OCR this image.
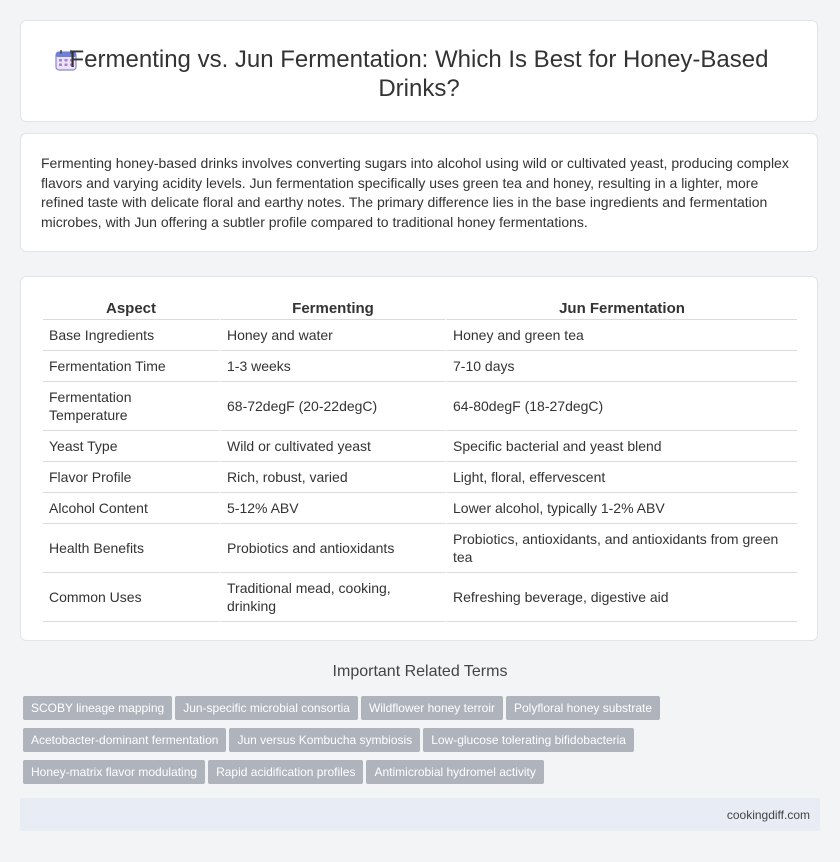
Fermenting vs. Jun Fermentation: Which Is Best for Honey-Based Drinks?

Fermenting honey-based drinks involves converting sugars into alcohol using wild or cultivated yeast, producing complex flavors and varying acidity levels. Jun fermentation specifically uses green tea and honey, resulting in a lighter, more refined taste with delicate floral and earthy notes. The primary difference lies in the base ingredients and fermentation microbes, with Jun offering a subtler profile compared to traditional honey fermentations.

Aspect	Fermenting	Jun Fermentation
Base Ingredients	Honey and water	Honey and green tea
Fermentation Time	1-3 weeks	7-10 days
Fermentation Temperature	68-72degF (20-22degC)	64-80degF (18-27degC)
Yeast Type	Wild or cultivated yeast	Specific bacterial and yeast blend
Flavor Profile	Rich, robust, varied	Light, floral, effervescent
Alcohol Content	5-12% ABV	Lower alcohol, typically 1-2% ABV
Health Benefits	Probiotics and antioxidants	Probiotics, antioxidants, and antioxidants from green tea
Common Uses	Traditional mead, cooking, drinking	Refreshing beverage, digestive aid
Important Related Terms
SCOBY lineage mapping Jun-specific microbial consortia Wildflower honey terroir Polyfloral honey substrate
Acetobacter-dominant fermentation Jun versus Kombucha symbiosis Low-glucose tolerating bifidobacteria
Honey-matrix flavor modulating Rapid acidification profiles Antimicrobial hydromel activity
cookingdiff.com
